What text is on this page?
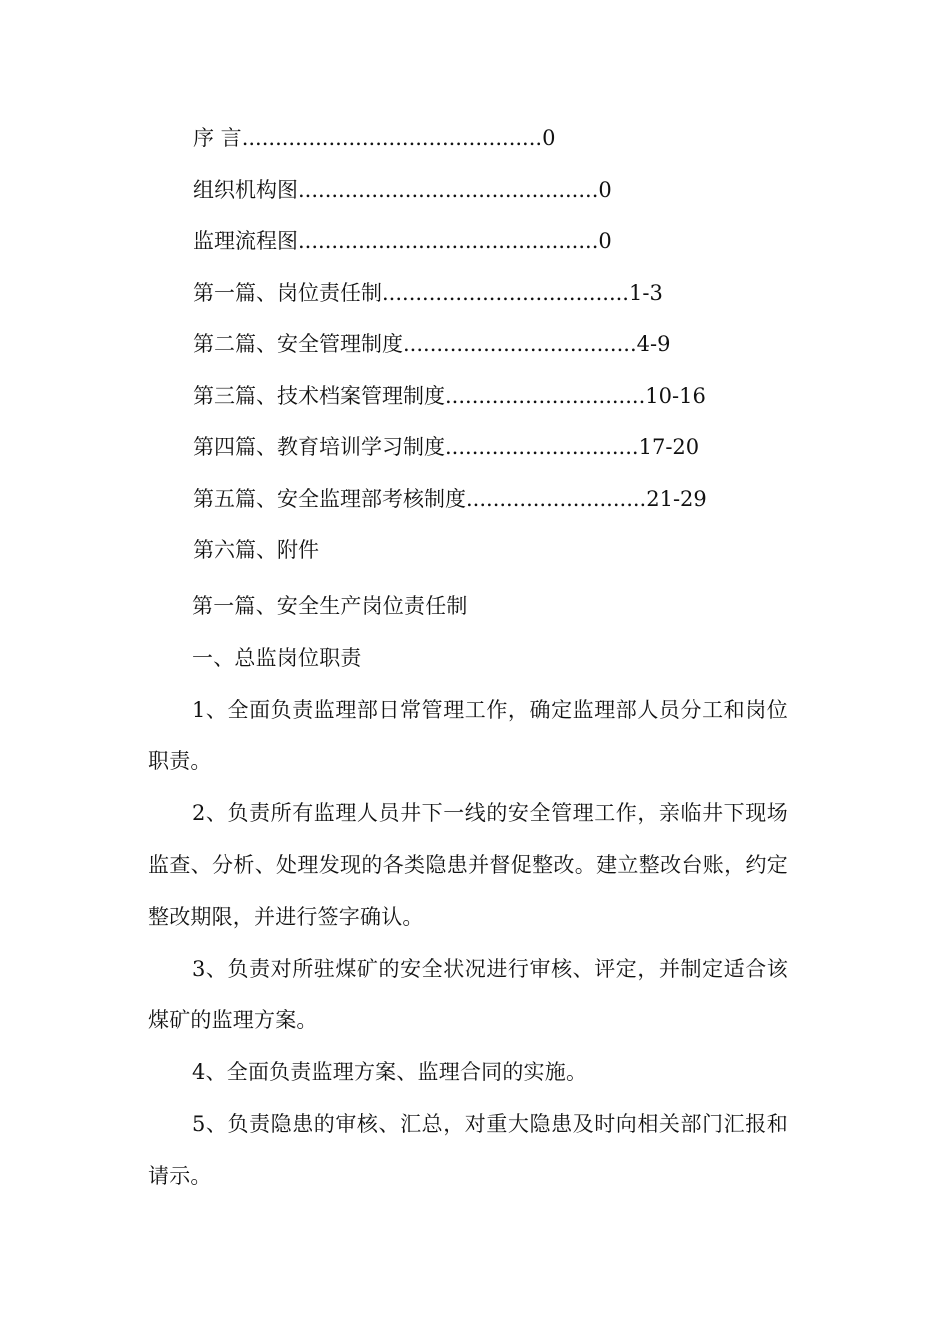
序 言.............................................0
组织机构图.............................................0
监理流程图.............................................0
第一篇、岗位责任制.....................................1-3
第二篇、安全管理制度...................................4-9
第三篇、技术档案管理制度..............................10-16
第四篇、教育培训学习制度.............................17-20
第五篇、安全监理部考核制度...........................21-29
第六篇、附件

第一篇、安全生产岗位责任制

一、总监岗位职责

1、全面负责监理部日常管理工作，确定监理部人员分工和岗位职责。

2、负责所有监理人员井下一线的安全管理工作，亲临井下现场监查、分析、处理发现的各类隐患并督促整改。建立整改台账，约定整改期限，并进行签字确认。

3、负责对所驻煤矿的安全状况进行审核、评定，并制定适合该煤矿的监理方案。

4、全面负责监理方案、监理合同的实施。

5、负责隐患的审核、汇总，对重大隐患及时向相关部门汇报和请示。
